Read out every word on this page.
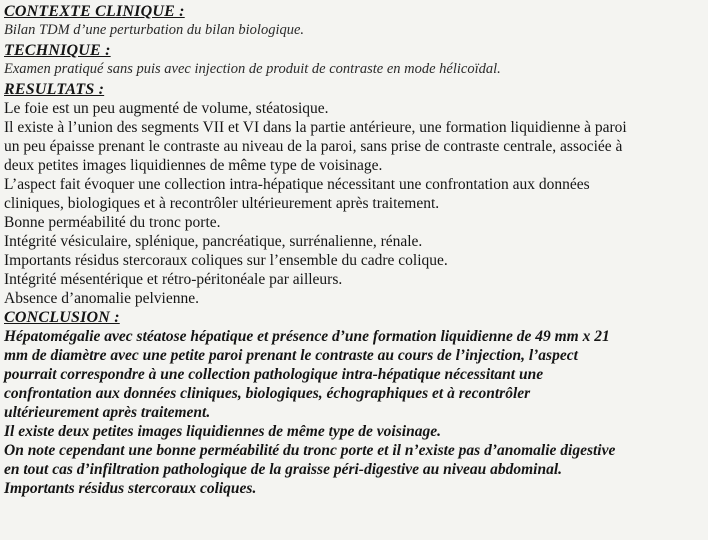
CONTEXTE CLINIQUE :

Bilan TDM d’une perturbation du bilan biologique.

TECHNIQUE :

Examen pratiqué sans puis avec injection de produit de contraste en mode hélicoïdal.

RESULTATS :

Le foie est un peu augmenté de volume, stéatosique.

Il existe à l’union des segments VII et VI dans la partie antérieure, une formation liquidienne à paroi

un peu épaisse prenant le contraste au niveau de la paroi, sans prise de contraste centrale, associée à

deux petites images liquidiennes de même type de voisinage.

L’aspect fait évoquer une collection intra-hépatique nécessitant une confrontation aux données

cliniques, biologiques et à recontrôler ultérieurement après traitement.

Bonne perméabilité du tronc porte.

Intégrité vésiculaire, splénique, pancréatique, surrénalienne, rénale.

Importants résidus stercoraux coliques sur l’ensemble du cadre colique.

Intégrité mésentérique et rétro-péritonéale par ailleurs.

Absence d’anomalie pelvienne.

CONCLUSION :

Hépatomégalie avec stéatose hépatique et présence d’une formation liquidienne de 49 mm x 21

mm de diamètre avec une petite paroi prenant le contraste au cours de l’injection, l’aspect

pourrait correspondre à une collection pathologique intra-hépatique nécessitant une

confrontation aux données cliniques, biologiques, échographiques et à recontrôler

ultérieurement après traitement.

Il existe deux petites images liquidiennes de même type de voisinage.

On note cependant une bonne perméabilité du tronc porte et il n’existe pas d’anomalie digestive

en tout cas d’infiltration pathologique de la graisse péri-digestive au niveau abdominal.

Importants résidus stercoraux coliques.
